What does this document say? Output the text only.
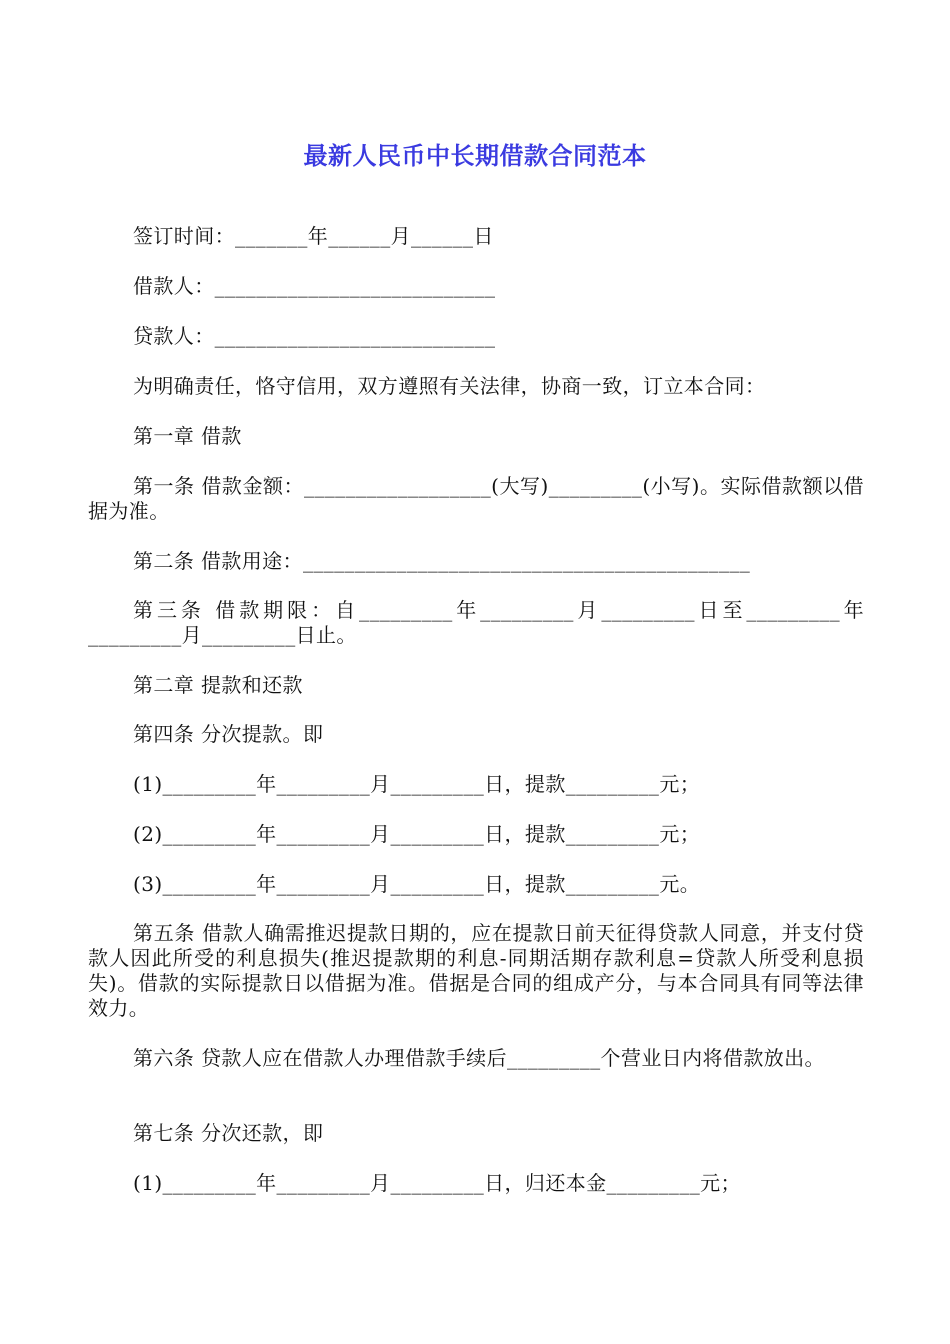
最新人民币中长期借款合同范本

签订时间：_______年______月______日

借款人：___________________________

贷款人：___________________________

为明确责任，恪守信用，双方遵照有关法律，协商一致，订立本合同：

第一章 借款

第一条 借款金额：__________________(大写)_________(小写)。实际借款额以借据为准。

第二条 借款用途：___________________________________________

第三条 借款期限：自_________年_________月_________日至_________年_________月_________日止。

第二章 提款和还款

第四条 分次提款。即

(1)_________年_________月_________日，提款_________元；

(2)_________年_________月_________日，提款_________元；

(3)_________年_________月_________日，提款_________元。

第五条 借款人确需推迟提款日期的，应在提款日前天征得贷款人同意，并支付贷款人因此所受的利息损失(推迟提款期的利息-同期活期存款利息=贷款人所受利息损失)。借款的实际提款日以借据为准。借据是合同的组成产分，与本合同具有同等法律效力。

第六条 贷款人应在借款人办理借款手续后_________个营业日内将借款放出。

第七条 分次还款，即

(1)_________年_________月_________日，归还本金_________元；
